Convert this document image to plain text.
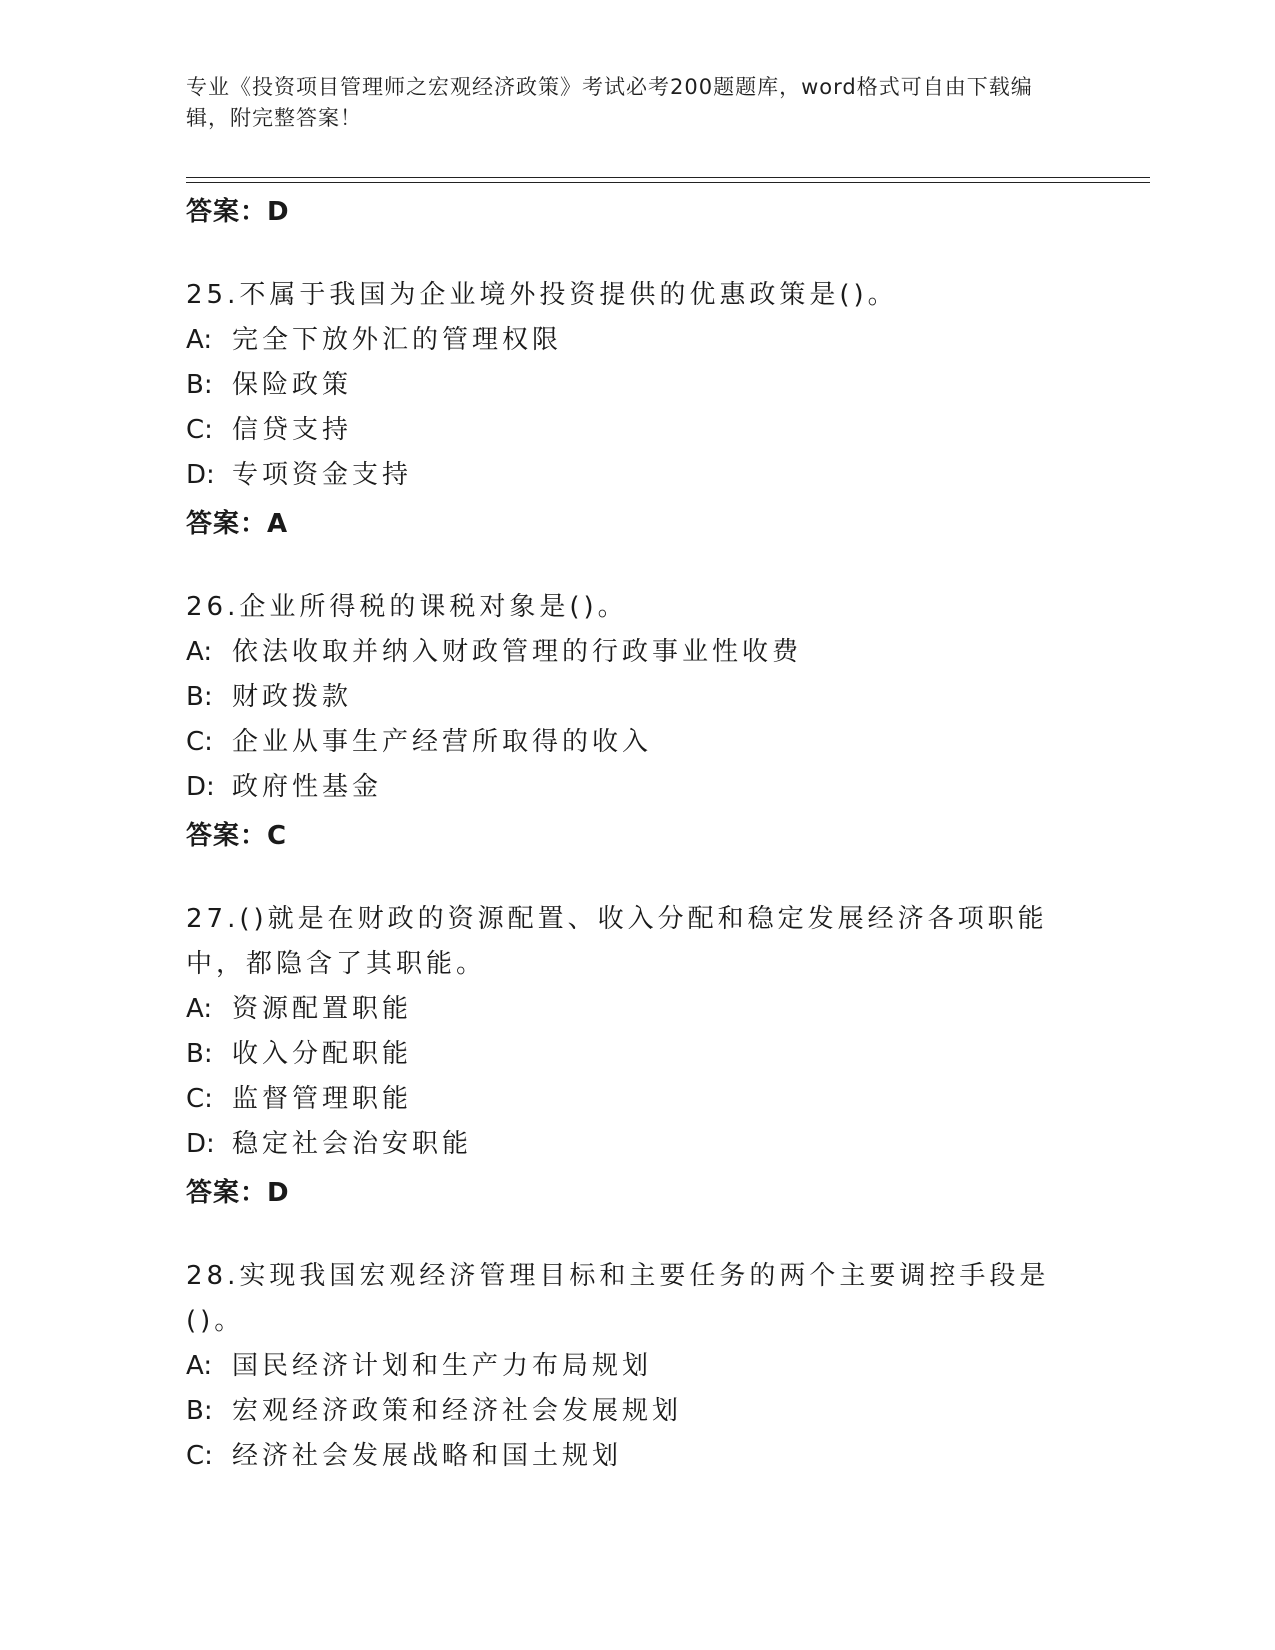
专业《投资项目管理师之宏观经济政策》考试必考200题题库，word格式可自由下载编辑，附完整答案！
答案：D

25.不属于我国为企业境外投资提供的优惠政策是()。

A: 完全下放外汇的管理权限

B: 保险政策

C: 信贷支持

D: 专项资金支持

答案：A

26.企业所得税的课税对象是()。

A: 依法收取并纳入财政管理的行政事业性收费

B: 财政拨款

C: 企业从事生产经营所取得的收入

D: 政府性基金

答案：C

27.()就是在财政的资源配置、收入分配和稳定发展经济各项职能中，都隐含了其职能。

A: 资源配置职能

B: 收入分配职能

C: 监督管理职能

D: 稳定社会治安职能

答案：D

28.实现我国宏观经济管理目标和主要任务的两个主要调控手段是()。

A: 国民经济计划和生产力布局规划

B: 宏观经济政策和经济社会发展规划

C: 经济社会发展战略和国土规划
